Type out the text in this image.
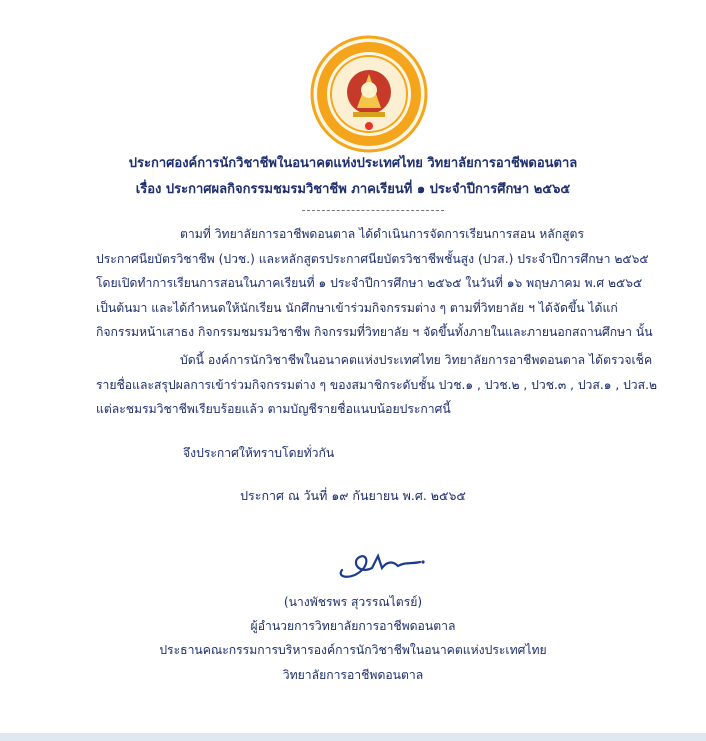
ประกาศองค์การนักวิชาชีพในอนาคตแห่งประเทศไทย วิทยาลัยการอาชีพดอนตาล
เรื่อง ประกาศผลกิจกรรมชมรมวิชาชีพ ภาคเรียนที่ ๑ ประจำปีการศึกษา ๒๕๖๕
ตามที่ วิทยาลัยการอาชีพดอนตาล ได้ดำเนินการจัดการเรียนการสอน หลักสูตร
ประกาศนียบัตรวิชาชีพ (ปวช.) และหลักสูตรประกาศนียบัตรวิชาชีพชั้นสูง (ปวส.) ประจำปีการศึกษา ๒๕๖๕
โดยเปิดทำการเรียนการสอนในภาคเรียนที่ ๑ ประจำปีการศึกษา ๒๕๖๕ ในวันที่ ๑๖ พฤษภาคม พ.ศ ๒๕๖๕
เป็นต้นมา และได้กำหนดให้นักเรียน นักศึกษาเข้าร่วมกิจกรรมต่าง ๆ ตามที่วิทยาลัย ฯ ได้จัดขึ้น ได้แก่
กิจกรรมหน้าเสาธง กิจกรรมชมรมวิชาชีพ กิจกรรมที่วิทยาลัย ฯ จัดขึ้นทั้งภายในและภายนอกสถานศึกษา นั้น
บัดนี้ องค์การนักวิชาชีพในอนาคตแห่งประเทศไทย วิทยาลัยการอาชีพดอนตาล ได้ตรวจเช็ค
รายชื่อและสรุปผลการเข้าร่วมกิจกรรมต่าง ๆ ของสมาชิกระดับชั้น ปวช.๑ , ปวช.๒ , ปวช.๓ , ปวส.๑ , ปวส.๒
แต่ละชมรมวิชาชีพเรียบร้อยแล้ว ตามบัญชีรายชื่อแนบน้อยประกาศนี้
จึงประกาศให้ทราบโดยทั่วกัน
ประกาศ ณ วันที่ ๑๙ กันยายน พ.ศ. ๒๕๖๕
(นางพัชรพร สุวรรณไตรย์)
ผู้อำนวยการวิทยาลัยการอาชีพดอนตาล
ประธานคณะกรรมการบริหารองค์การนักวิชาชีพในอนาคตแห่งประเทศไทย
วิทยาลัยการอาชีพดอนตาล
